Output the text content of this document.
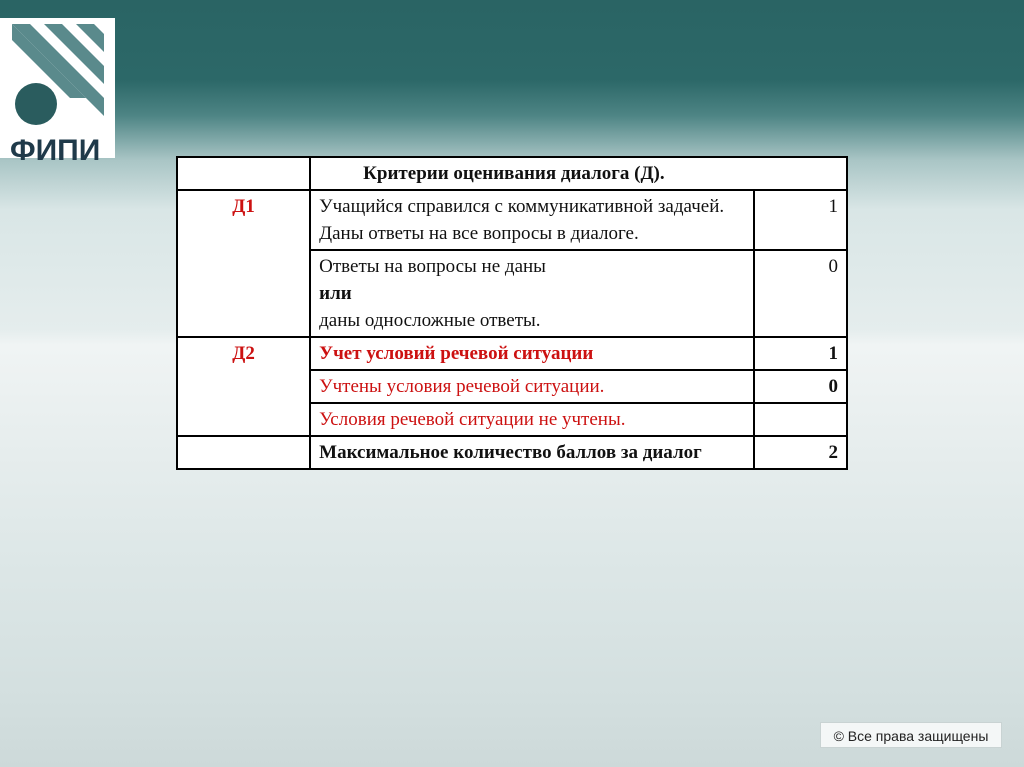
ФИПИ
	Критерии оценивания диалога (Д).	
Д1	Учащийся справился с коммуникативной задачей.
Даны ответы на все вопросы в диалоге.	1

	Ответы на вопросы не даны
или
даны односложные ответы.	0
Д2	Учет условий речевой ситуации	1
	Учтены условия речевой ситуации.	0
	Условия речевой ситуации не учтены.	
	Максимальное количество баллов за диалог	2
© Все права защищены
